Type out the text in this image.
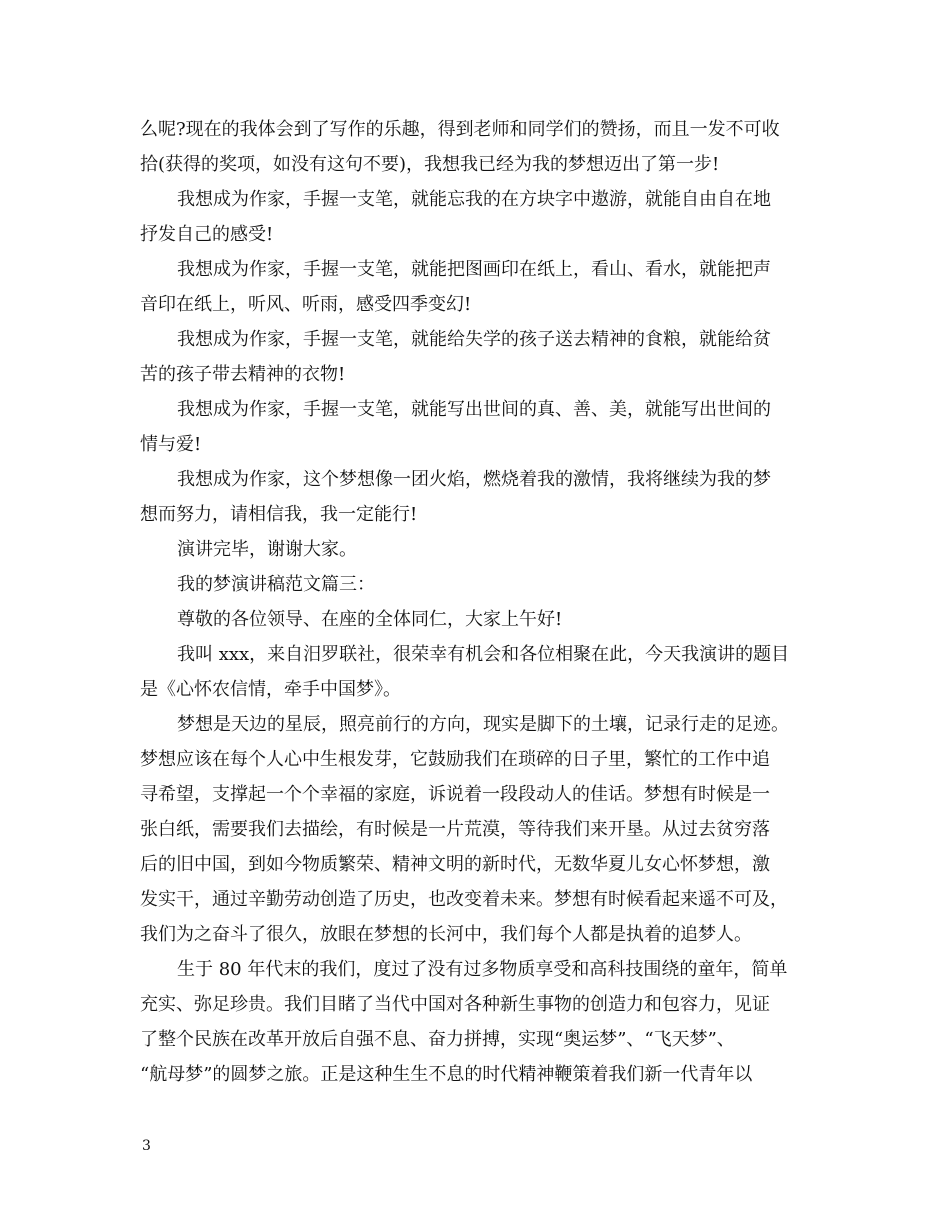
么呢?现在的我体会到了写作的乐趣，得到老师和同学们的赞扬，而且一发不可收
拾(获得的奖项，如没有这句不要)，我想我已经为我的梦想迈出了第一步!
我想成为作家，手握一支笔，就能忘我的在方块字中遨游，就能自由自在地
抒发自己的感受!
我想成为作家，手握一支笔，就能把图画印在纸上，看山、看水，就能把声
音印在纸上，听风、听雨，感受四季变幻!
我想成为作家，手握一支笔，就能给失学的孩子送去精神的食粮，就能给贫
苦的孩子带去精神的衣物!
我想成为作家，手握一支笔，就能写出世间的真、善、美，就能写出世间的
情与爱!
我想成为作家，这个梦想像一团火焰，燃烧着我的激情，我将继续为我的梦
想而努力，请相信我，我一定能行!
演讲完毕，谢谢大家。
我的梦演讲稿范文篇三：
尊敬的各位领导、在座的全体同仁，大家上午好!
我叫 xxx，来自汨罗联社，很荣幸有机会和各位相聚在此，今天我演讲的题目
是《心怀农信情，牵手中国梦》。
梦想是天边的星辰，照亮前行的方向，现实是脚下的土壤，记录行走的足迹。
梦想应该在每个人心中生根发芽，它鼓励我们在琐碎的日子里，繁忙的工作中追
寻希望，支撑起一个个幸福的家庭，诉说着一段段动人的佳话。梦想有时候是一
张白纸，需要我们去描绘，有时候是一片荒漠，等待我们来开垦。从过去贫穷落
后的旧中国，到如今物质繁荣、精神文明的新时代，无数华夏儿女心怀梦想，激
发实干，通过辛勤劳动创造了历史，也改变着未来。梦想有时候看起来遥不可及，
我们为之奋斗了很久，放眼在梦想的长河中，我们每个人都是执着的追梦人。
生于 80 年代末的我们，度过了没有过多物质享受和高科技围绕的童年，简单
充实、弥足珍贵。我们目睹了当代中国对各种新生事物的创造力和包容力，见证
了整个民族在改革开放后自强不息、奋力拼搏，实现“奥运梦”、“飞天梦”、
“航母梦”的圆梦之旅。正是这种生生不息的时代精神鞭策着我们新一代青年以
3
